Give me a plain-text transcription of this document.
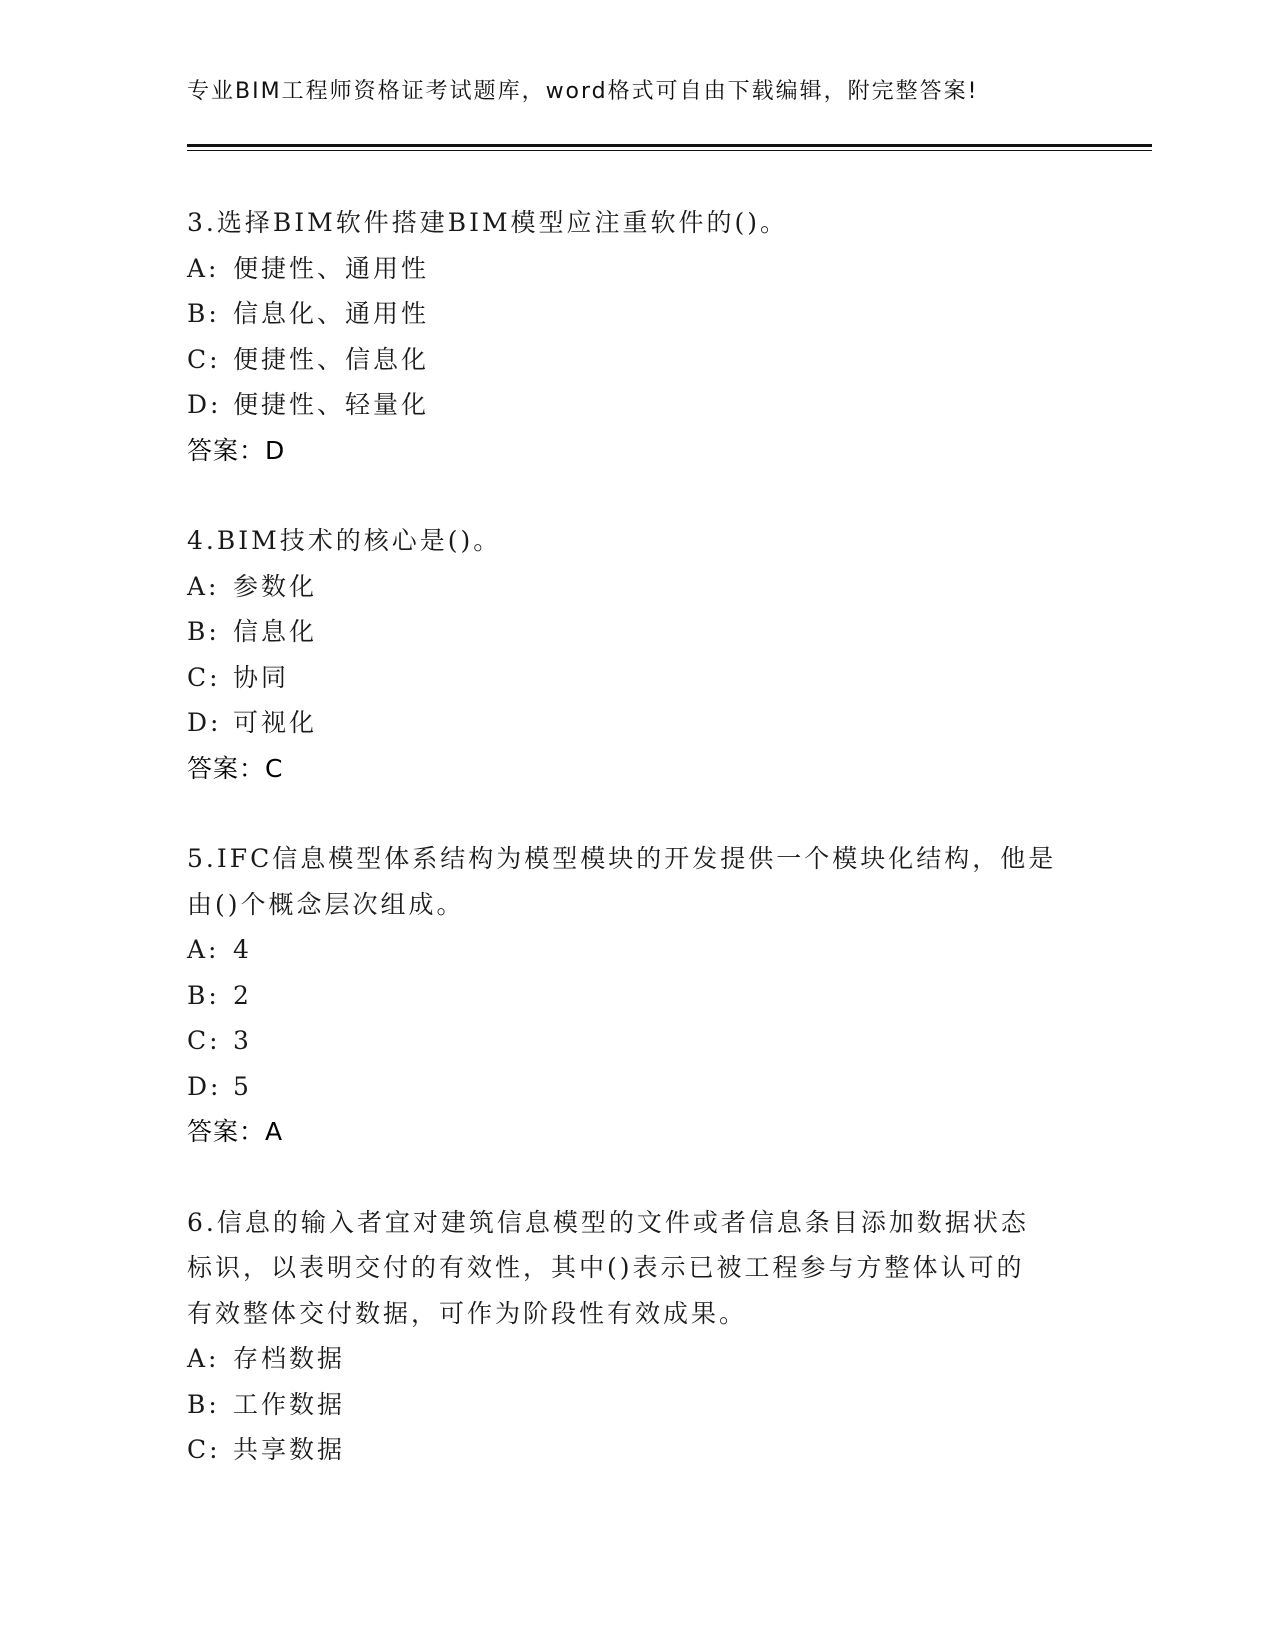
专业BIM工程师资格证考试题库，word格式可自由下载编辑，附完整答案!
3.选择BIM软件搭建BIM模型应注重软件的()。
A: 便捷性、通用性
B: 信息化、通用性
C: 便捷性、信息化
D: 便捷性、轻量化
答案：D
4.BIM技术的核心是()。
A: 参数化
B: 信息化
C: 协同
D: 可视化
答案：C
5.IFC信息模型体系结构为模型模块的开发提供一个模块化结构，他是
由()个概念层次组成。
A: 4
B: 2
C: 3
D: 5
答案：A
6.信息的输入者宜对建筑信息模型的文件或者信息条目添加数据状态
标识，以表明交付的有效性，其中()表示已被工程参与方整体认可的
有效整体交付数据，可作为阶段性有效成果。
A: 存档数据
B: 工作数据
C: 共享数据
